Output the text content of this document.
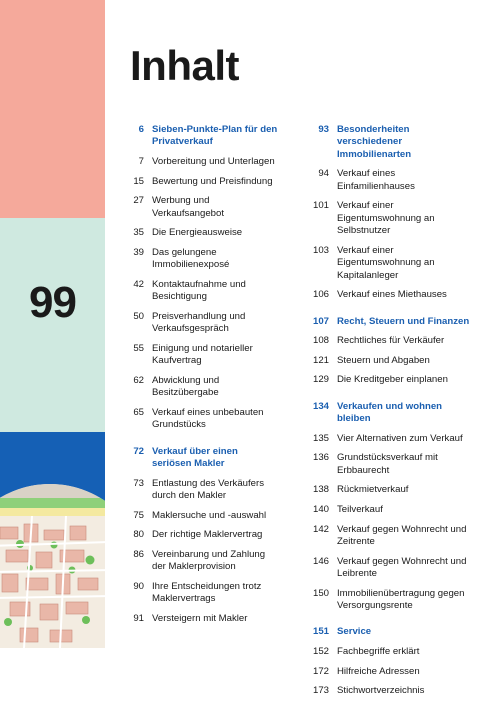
99
Inhalt
6 Sieben-Punkte-Plan für den Privatverkauf
7 Vorbereitung und Unterlagen
15 Bewertung und Preisfindung
27 Werbung und Verkaufsangebot
35 Die Energieausweise
39 Das gelungene Immobilienexposé
42 Kontaktaufnahme und Besichtigung
50 Preisverhandlung und Verkaufsgespräch
55 Einigung und notarieller Kaufvertrag
62 Abwicklung und Besitzübergabe
65 Verkauf eines unbebauten Grundstücks
72 Verkauf über einen seriösen Makler
73 Entlastung des Verkäufers durch den Makler
75 Maklersuche und -auswahl
80 Der richtige Maklervertrag
86 Vereinbarung und Zahlung der Maklerprovision
90 Ihre Entscheidungen trotz Maklervertrags
91 Versteigern mit Makler
93 Besonderheiten verschiedener Immobilienarten
94 Verkauf eines Einfamilienhauses
101 Verkauf einer Eigentumswohnung an Selbstnutzer
103 Verkauf einer Eigentumswohnung an Kapitalanleger
106 Verkauf eines Miethauses
107 Recht, Steuern und Finanzen
108 Rechtliches für Verkäufer
121 Steuern und Abgaben
129 Die Kreditgeber einplanen
134 Verkaufen und wohnen bleiben
135 Vier Alternativen zum Verkauf
136 Grundstücksverkauf mit Erbbaurecht
138 Rückmietverkauf
140 Teilverkauf
142 Verkauf gegen Wohnrecht und Zeitrente
146 Verkauf gegen Wohnrecht und Leibrente
150 Immobilienübertragung gegen Versorgungsrente
151 Service
152 Fachbegriffe erklärt
172 Hilfreiche Adressen
173 Stichwortverzeichnis
